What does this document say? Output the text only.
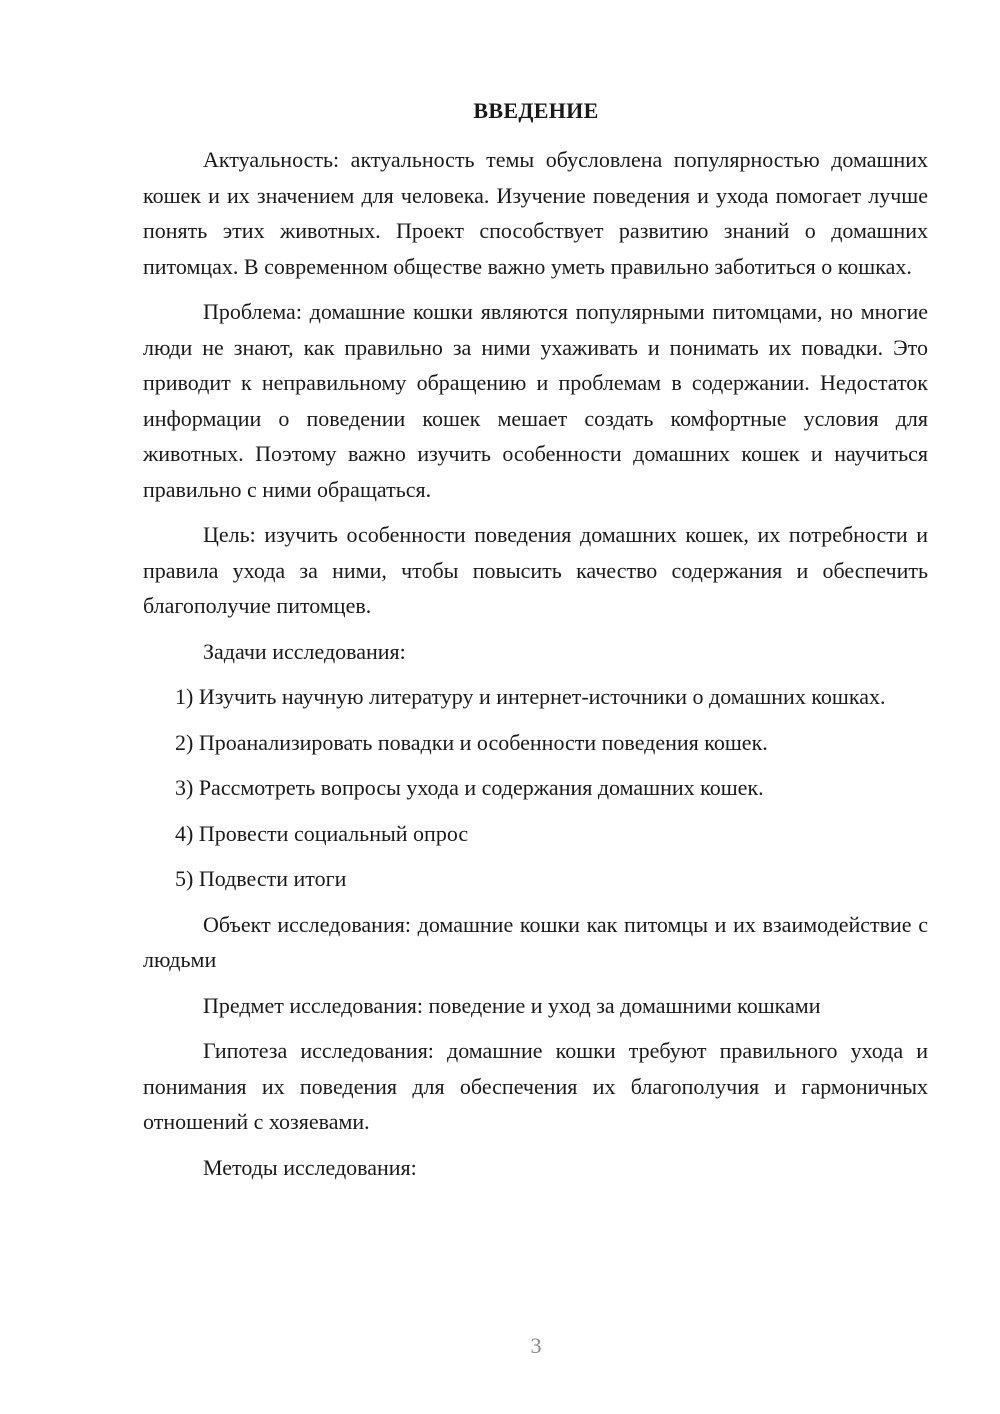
ВВЕДЕНИЕ

Актуальность: актуальность темы обусловлена популярностью домашних кошек и их значением для человека. Изучение поведения и ухода помогает лучше понять этих животных. Проект способствует развитию знаний о домашних питомцах. В современном обществе важно уметь правильно заботиться о кошках.

Проблема: домашние кошки являются популярными питомцами, но многие люди не знают, как правильно за ними ухаживать и понимать их повадки. Это приводит к неправильному обращению и проблемам в содержании. Недостаток информации о поведении кошек мешает создать комфортные условия для животных. Поэтому важно изучить особенности домашних кошек и научиться правильно с ними обращаться.

Цель: изучить особенности поведения домашних кошек, их потребности и правила ухода за ними, чтобы повысить качество содержания и обеспечить благополучие питомцев.

Задачи исследования:

1) Изучить научную литературу и интернет-источники о домашних кошках.

2) Проанализировать повадки и особенности поведения кошек.

3) Рассмотреть вопросы ухода и содержания домашних кошек.

4) Провести социальный опрос

5) Подвести итоги

Объект исследования: домашние кошки как питомцы и их взаимодействие с людьми

Предмет исследования: поведение и уход за домашними кошками

Гипотеза исследования: домашние кошки требуют правильного ухода и понимания их поведения для обеспечения их благополучия и гармоничных отношений с хозяевами.

Методы исследования:

3
